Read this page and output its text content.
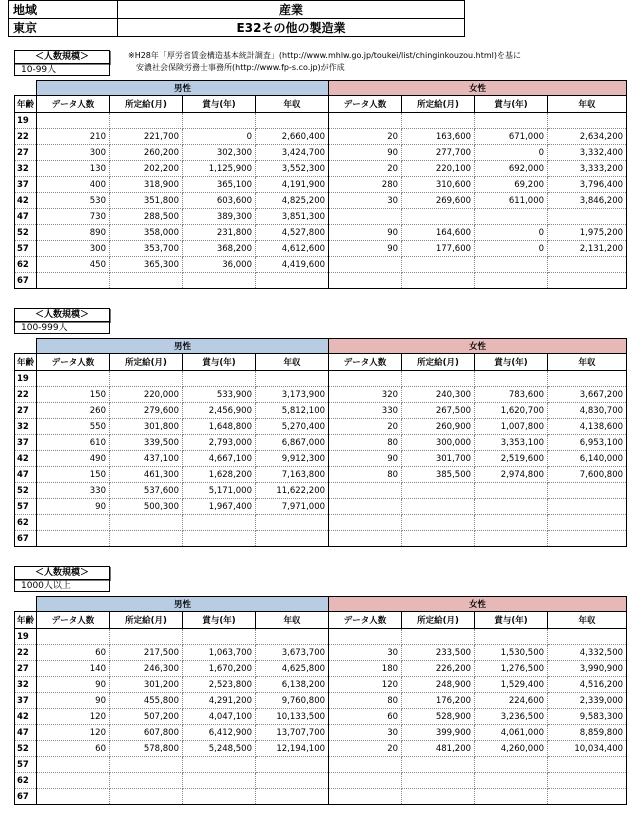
地域	産業
東京	E32その他の製造業
※H28年「厚労省賃金構造基本統計調査」(http://www.mhlw.go.jp/toukei/list/chinginkouzou.html)を基に
安濃社会保険労務士事務所(http://www.fp-s.co.jp)が作成
＜人数規模＞
10-99人
	男性				女性			
年齢	データ人数	所定給(月)	賞与(年)	年収	データ人数	所定給(月)	賞与(年)	年収
19								
22	210	221,700	0	2,660,400	20	163,600	671,000	2,634,200
27	300	260,200	302,300	3,424,700	90	277,700	0	3,332,400
32	130	202,200	1,125,900	3,552,300	20	220,100	692,000	3,333,200
37	400	318,900	365,100	4,191,900	280	310,600	69,200	3,796,400
42	530	351,800	603,600	4,825,200	30	269,600	611,000	3,846,200
47	730	288,500	389,300	3,851,300				
52	890	358,000	231,800	4,527,800	90	164,600	0	1,975,200
57	300	353,700	368,200	4,612,600	90	177,600	0	2,131,200
62	450	365,300	36,000	4,419,600				
67								
＜人数規模＞
100-999人
	男性				女性			
年齢	データ人数	所定給(月)	賞与(年)	年収	データ人数	所定給(月)	賞与(年)	年収
19								
22	150	220,000	533,900	3,173,900	320	240,300	783,600	3,667,200
27	260	279,600	2,456,900	5,812,100	330	267,500	1,620,700	4,830,700
32	550	301,800	1,648,800	5,270,400	20	260,900	1,007,800	4,138,600
37	610	339,500	2,793,000	6,867,000	80	300,000	3,353,100	6,953,100
42	490	437,100	4,667,100	9,912,300	90	301,700	2,519,600	6,140,000
47	150	461,300	1,628,200	7,163,800	80	385,500	2,974,800	7,600,800
52	330	537,600	5,171,000	11,622,200				
57	90	500,300	1,967,400	7,971,000				
62								
67								
＜人数規模＞
1000人以上
	男性				女性			
年齢	データ人数	所定給(月)	賞与(年)	年収	データ人数	所定給(月)	賞与(年)	年収
19								
22	60	217,500	1,063,700	3,673,700	30	233,500	1,530,500	4,332,500
27	140	246,300	1,670,200	4,625,800	180	226,200	1,276,500	3,990,900
32	90	301,200	2,523,800	6,138,200	120	248,900	1,529,400	4,516,200
37	90	455,800	4,291,200	9,760,800	80	176,200	224,600	2,339,000
42	120	507,200	4,047,100	10,133,500	60	528,900	3,236,500	9,583,300
47	120	607,800	6,412,900	13,707,700	30	399,900	4,061,000	8,859,800
52	60	578,800	5,248,500	12,194,100	20	481,200	4,260,000	10,034,400
57								
62								
67								
